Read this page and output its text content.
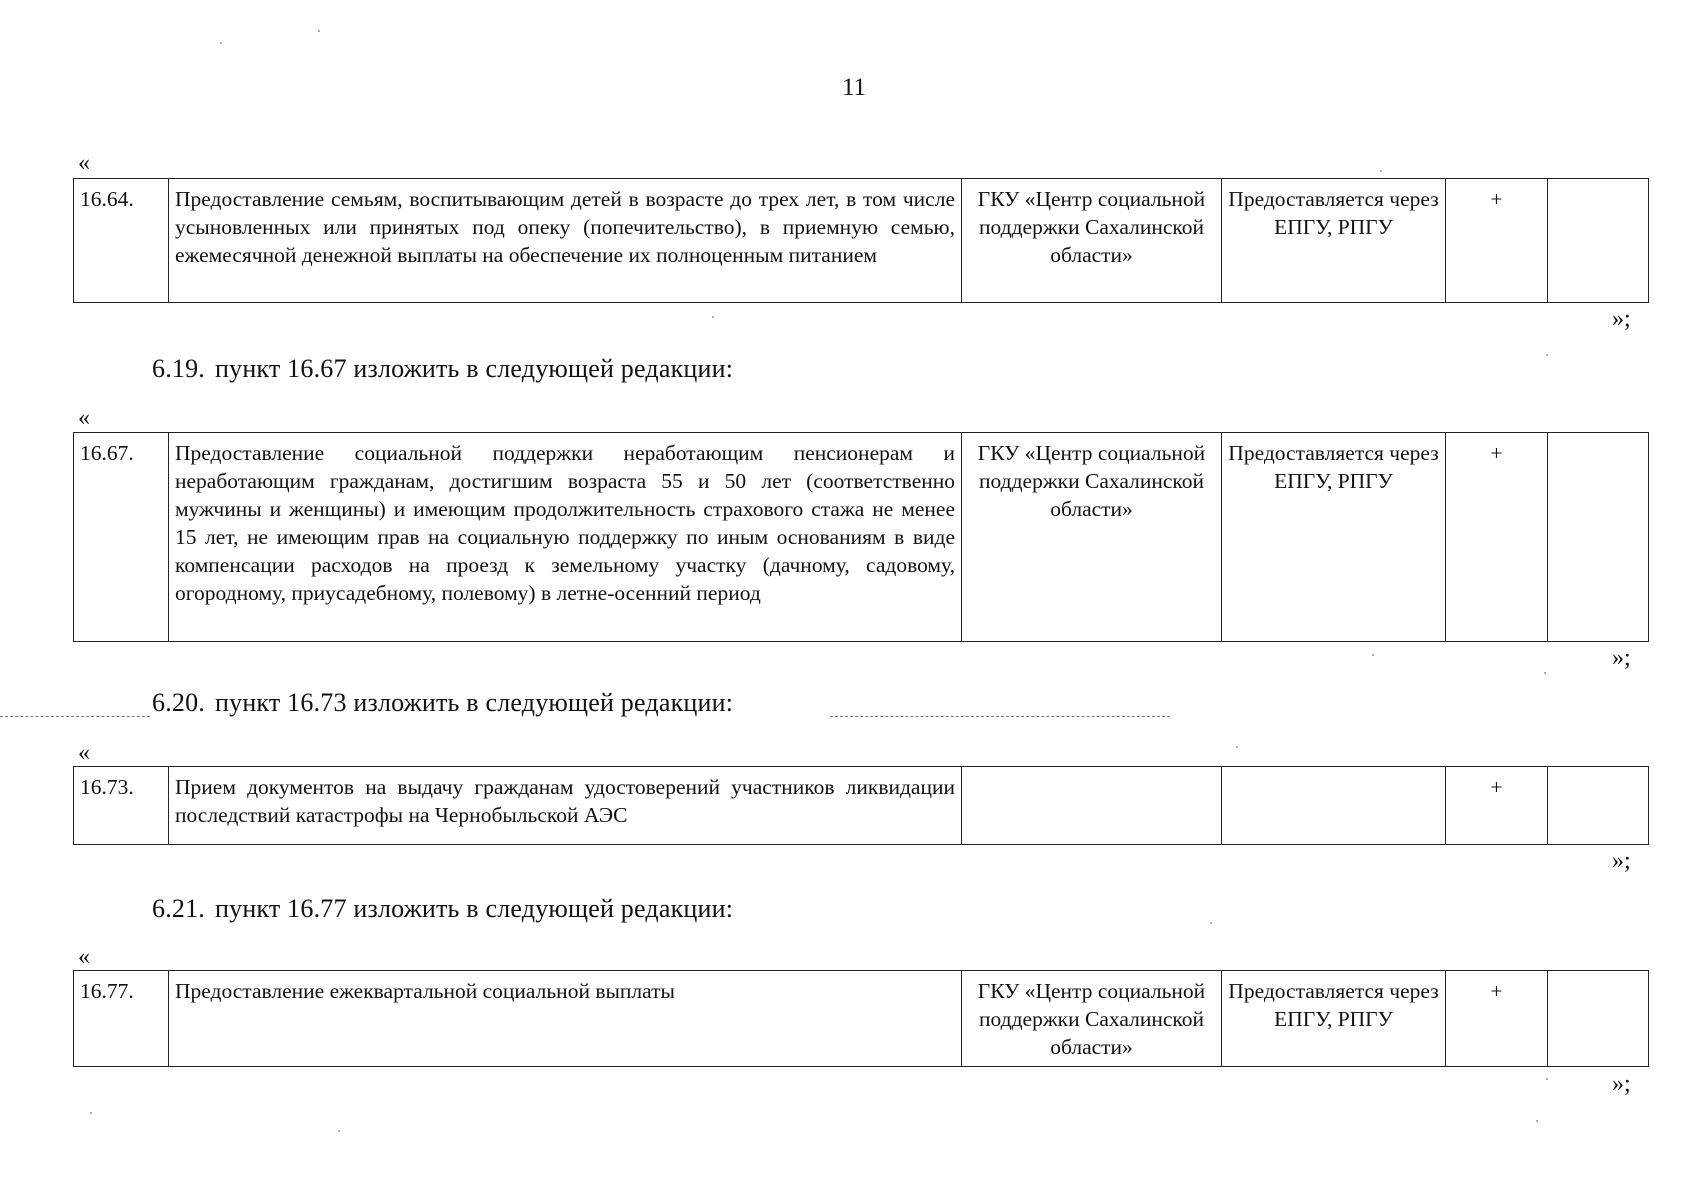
11
«
16.64.	Предоставление семьям, воспитывающим детей в возрасте до трех лет, в том числе усыновленных или принятых под опеку (попечительство), в приемную семью, ежемесячной денежной выплаты на обеспечение их полноценным питанием	ГКУ «Центр социальной поддержки Сахалинской области»	Предоставляется через ЕПГУ, РПГУ	+	
»;
6.19. пункт 16.67 изложить в следующей редакции:
«
16.67.	Предоставление социальной поддержки неработающим пенсионерам и неработающим гражданам, достигшим возраста 55 и 50 лет (соответственно мужчины и женщины) и имеющим продолжительность страхового стажа не менее 15 лет, не имеющим прав на социальную поддержку по иным основаниям в виде компенсации расходов на проезд к земельному участку (дачному, садовому, огородному, приусадебному, полевому) в летне-осенний период	ГКУ «Центр социальной поддержки Сахалинской области»	Предоставляется через ЕПГУ, РПГУ	+	
»;
6.20. пункт 16.73 изложить в следующей редакции:
«
16.73.	Прием документов на выдачу гражданам удостоверений участников ликвидации последствий катастрофы на Чернобыльской АЭС			+	
»;
6.21. пункт 16.77 изложить в следующей редакции:
«
16.77.	Предоставление ежеквартальной социальной выплаты	ГКУ «Центр социальной поддержки Сахалинской области»	Предоставляется через ЕПГУ, РПГУ	+	
»;
